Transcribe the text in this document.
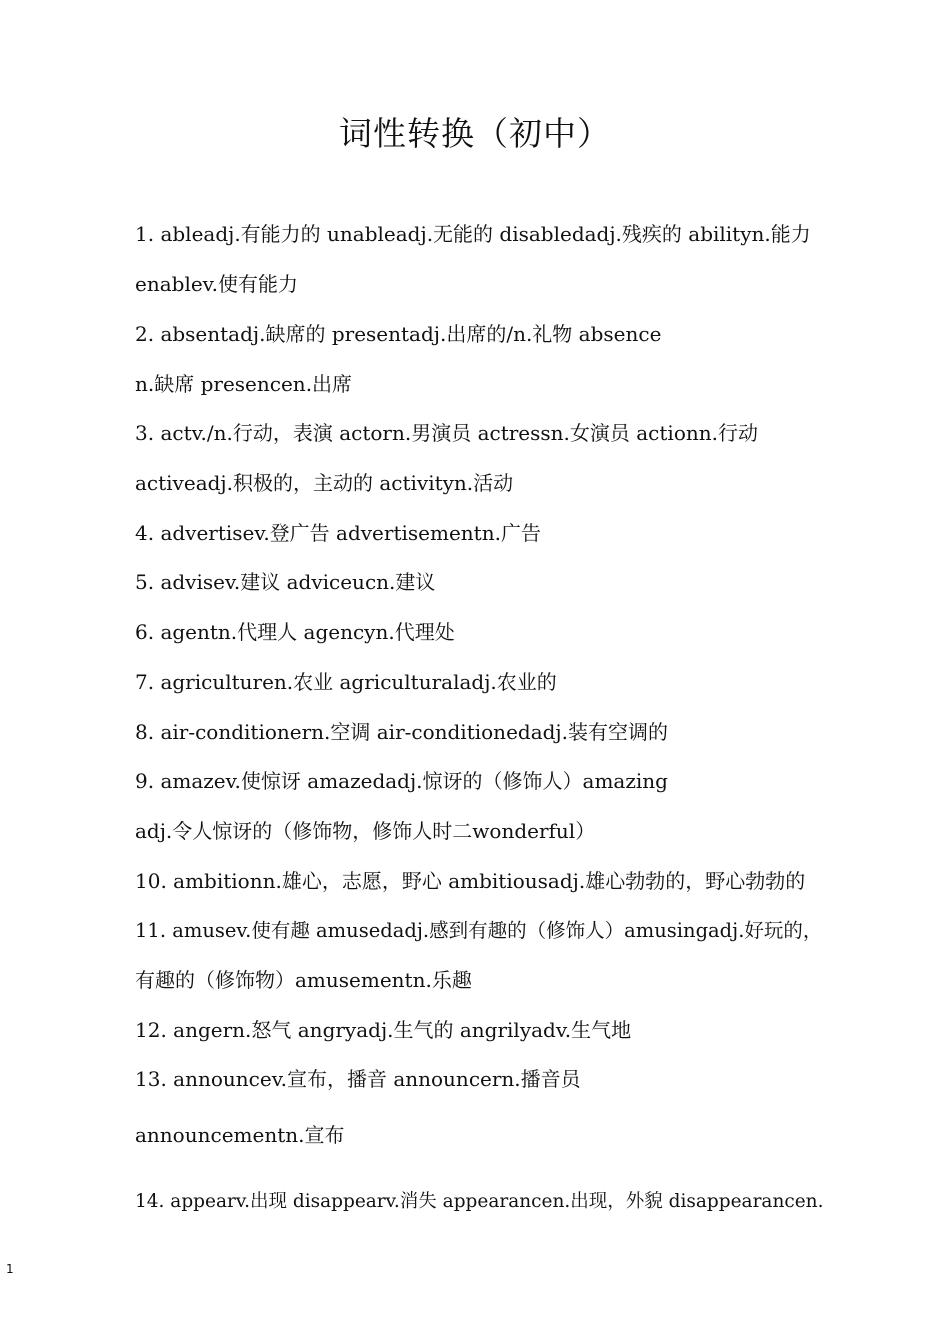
词性转换（初中）
1. ableadj.有能力的 unableadj.无能的 disabledadj.残疾的 abilityn.能力
enablev.使有能力
2. absentadj.缺席的 presentadj.出席的/n.礼物 absence
n.缺席 presencen.出席
3. actv./n.行动，表演 actorn.男演员 actressn.女演员 actionn.行动
activeadj.积极的，主动的 activityn.活动
4. advertisev.登广告 advertisementn.广告
5. advisev.建议 adviceucn.建议
6. agentn.代理人 agencyn.代理处
7. agriculturen.农业 agriculturaladj.农业的
8. air-conditionern.空调 air-conditionedadj.装有空调的
9. amazev.使惊讶 amazedadj.惊讶的（修饰人）amazing
adj.令人惊讶的（修饰物，修饰人时二wonderful）
10. ambitionn.雄心，志愿，野心 ambitiousadj.雄心勃勃的，野心勃勃的
11. amusev.使有趣 amusedadj.感到有趣的（修饰人）amusingadj.好玩的，
有趣的（修饰物）amusementn.乐趣
12. angern.怒气 angryadj.生气的 angrilyadv.生气地
13. announcev.宣布，播音 announcern.播音员
announcementn.宣布
14. appearv.出现 disappearv.消失 appearancen.出现，外貌 disappearancen.
1
